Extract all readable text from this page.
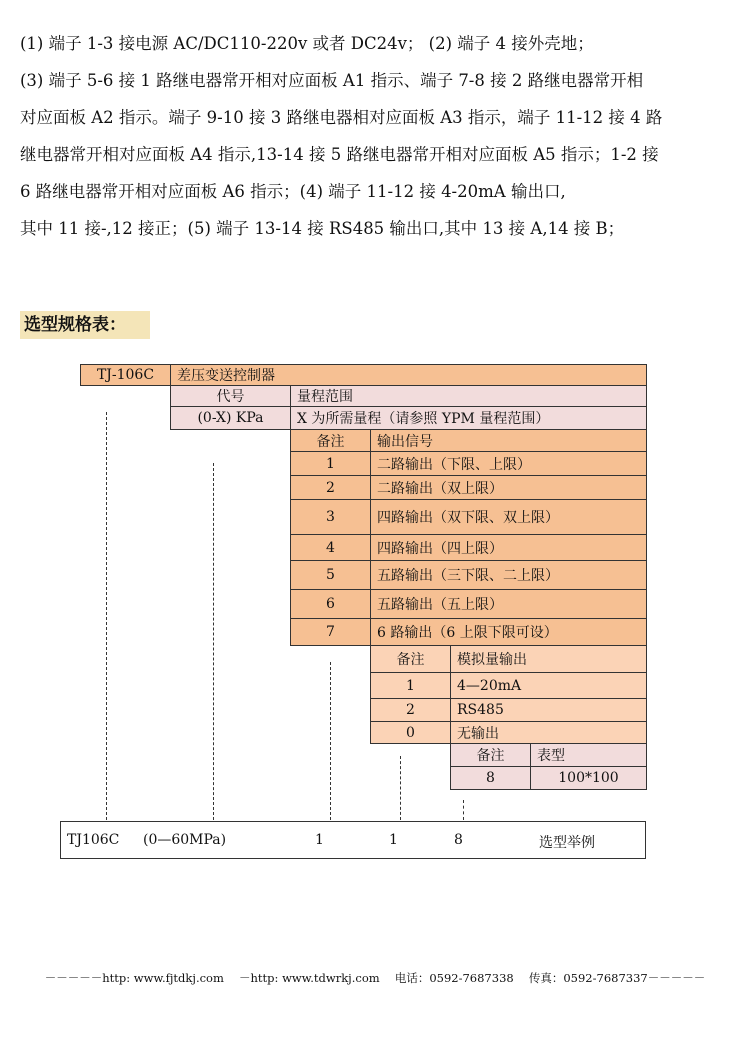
(1) 端子 1-3 接电源 AC/DC110-220v 或者 DC24v； (2) 端子 4 接外壳地；
(3) 端子 5-6 接 1 路继电器常开相对应面板 A1 指示、端子 7-8 接 2 路继电器常开相
对应面板 A2 指示。端子 9-10 接 3 路继电器相对应面板 A3 指示，端子 11-12 接 4 路
继电器常开相对应面板 A4 指示,13-14 接 5 路继电器常开相对应面板 A5 指示；1-2 接
6 路继电器常开相对应面板 A6 指示；(4) 端子 11-12 接 4-20mA 输出口,
其中 11 接-,12 接正；(5) 端子 13-14 接 RS485 输出口,其中 13 接 A,14 接 B；
选型规格表：
TJ-106C	差压变送控制器
代号	量程范围
(0-X) KPa	X 为所需量程（请参照 YPM 量程范围）
备注	输出信号
1	二路输出（下限、上限）
2	二路输出（双上限）
3	四路输出（双下限、双上限）
4	四路输出（四上限）
5	五路输出（三下限、二上限）
6	五路输出（五上限）
7	6 路输出（6 上限下限可设）
备注	模拟量输出
1	4—20mA
2	RS485
0	无输出
备注	表型
8	100*100
TJ106C (0—60MPa)	1	1	8	选型举例
－－－－－http: www.fjtdkj.com　 －http: www.tdwrkj.com　 电话：0592-7687338　 传真：0592-7687337－－－－－
